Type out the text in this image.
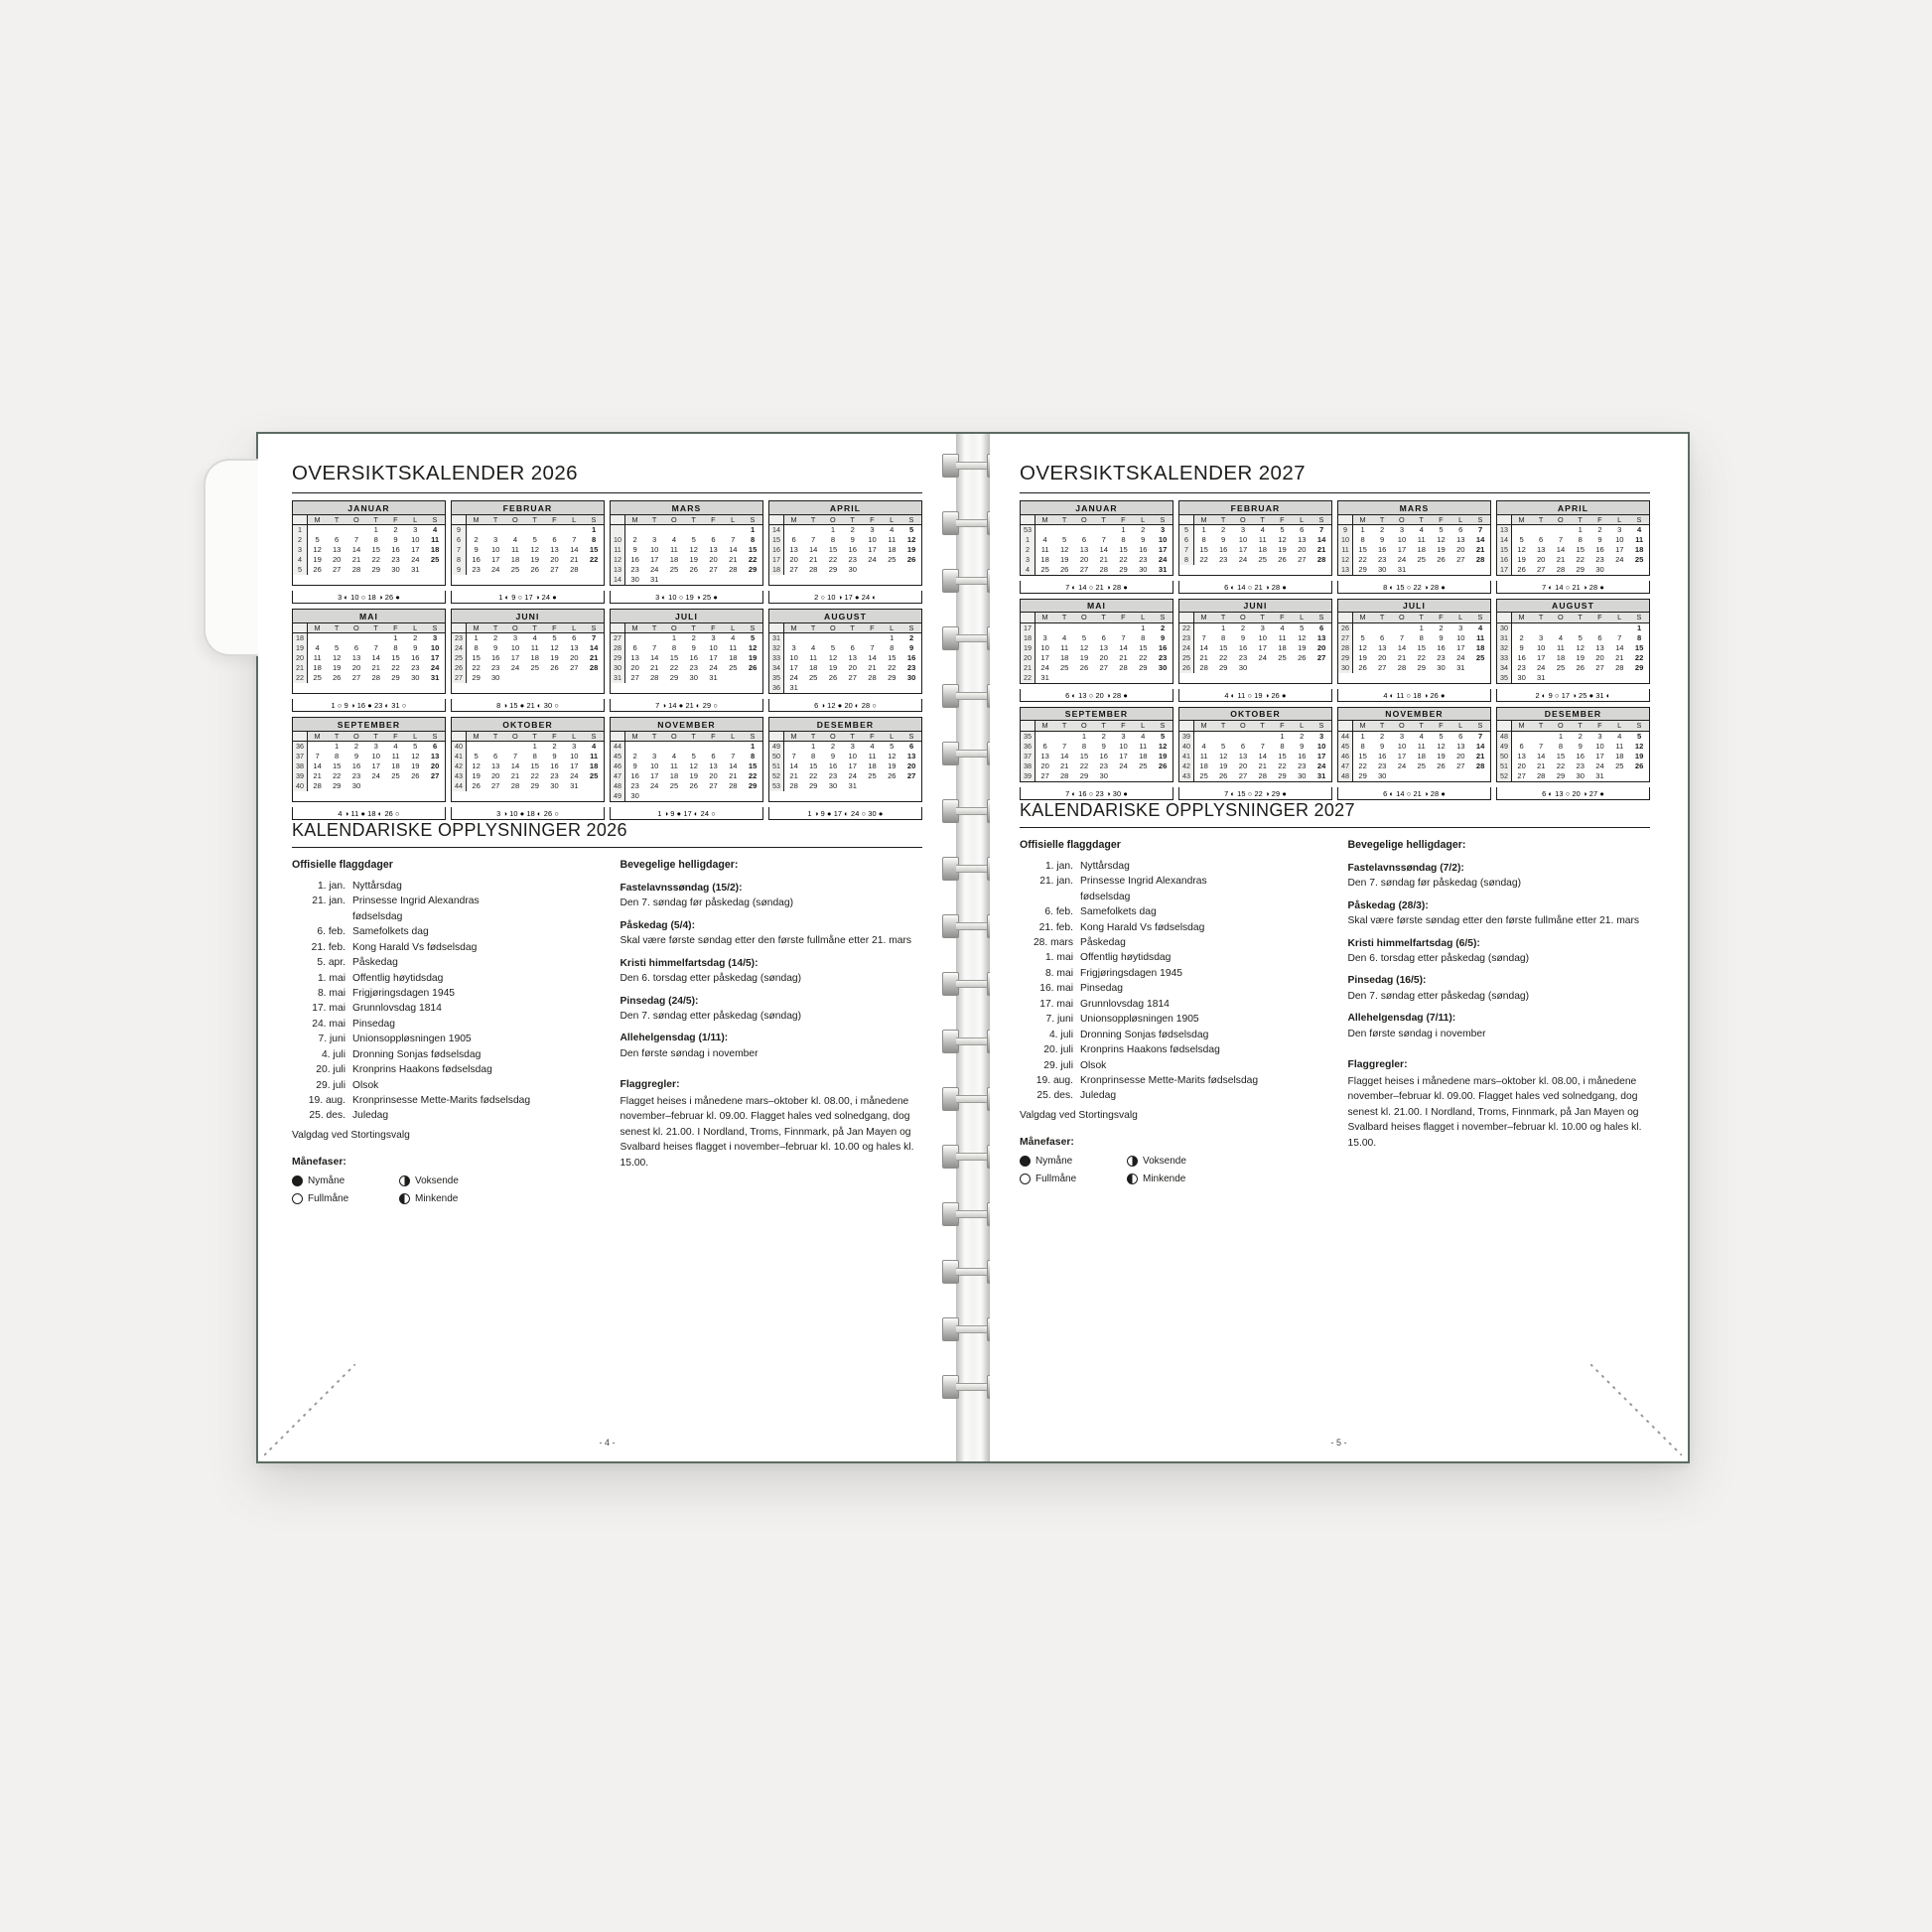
OVERSIKTSKALENDER 2026
JANUAR
	M	T	O	T	F	L	S
1				1	2	3	4
2	5	6	7	8	9	10	11
3	12	13	14	15	16	17	18
4	19	20	21	22	23	24	25
5	26	27	28	29	30	31	
FEBRUAR
	M	T	O	T	F	L	S
9							1
6	2	3	4	5	6	7	8
7	9	10	11	12	13	14	15
8	16	17	18	19	20	21	22
9	23	24	25	26	27	28	
MARS
	M	T	O	T	F	L	S
							1
10	2	3	4	5	6	7	8
11	9	10	11	12	13	14	15
12	16	17	18	19	20	21	22
13	23	24	25	26	27	28	29
14	30	31					
APRIL
	M	T	O	T	F	L	S
14			1	2	3	4	5
15	6	7	8	9	10	11	12
16	13	14	15	16	17	18	19
17	20	21	22	23	24	25	26
18	27	28	29	30			
3 ◐ 10 ○ 18 ◑ 26 ●	1 ◐ 9 ○ 17 ◑ 24 ●	3 ◐ 10 ○ 19 ◑ 25 ●	2 ○ 10 ◑ 17 ● 24 ◐
MAI
	M	T	O	T	F	L	S
18					1	2	3
19	4	5	6	7	8	9	10
20	11	12	13	14	15	16	17
21	18	19	20	21	22	23	24
22	25	26	27	28	29	30	31
JUNI
	M	T	O	T	F	L	S
23	1	2	3	4	5	6	7
24	8	9	10	11	12	13	14
25	15	16	17	18	19	20	21
26	22	23	24	25	26	27	28
27	29	30					
JULI
	M	T	O	T	F	L	S
27			1	2	3	4	5
28	6	7	8	9	10	11	12
29	13	14	15	16	17	18	19
30	20	21	22	23	24	25	26
31	27	28	29	30	31		
AUGUST
	M	T	O	T	F	L	S
31						1	2
32	3	4	5	6	7	8	9
33	10	11	12	13	14	15	16
34	17	18	19	20	21	22	23
35	24	25	26	27	28	29	30
36	31						
1 ○ 9 ◑ 16 ● 23 ◐ 31 ○	8 ◑ 15 ● 21 ◐ 30 ○	7 ◑ 14 ● 21 ◐ 29 ○	6 ◑ 12 ● 20 ◐ 28 ○
SEPTEMBER
	M	T	O	T	F	L	S
36		1	2	3	4	5	6
37	7	8	9	10	11	12	13
38	14	15	16	17	18	19	20
39	21	22	23	24	25	26	27
40	28	29	30				
OKTOBER
	M	T	O	T	F	L	S
40				1	2	3	4
41	5	6	7	8	9	10	11
42	12	13	14	15	16	17	18
43	19	20	21	22	23	24	25
44	26	27	28	29	30	31	
NOVEMBER
	M	T	O	T	F	L	S
44							1
45	2	3	4	5	6	7	8
46	9	10	11	12	13	14	15
47	16	17	18	19	20	21	22
48	23	24	25	26	27	28	29
49	30						
DESEMBER
	M	T	O	T	F	L	S
49		1	2	3	4	5	6
50	7	8	9	10	11	12	13
51	14	15	16	17	18	19	20
52	21	22	23	24	25	26	27
53	28	29	30	31			
4 ◑ 11 ● 18 ◐ 26 ○	3 ◑ 10 ● 18 ◐ 26 ○	1 ◑ 9 ● 17 ◐ 24 ○	1 ◑ 9 ● 17 ◐ 24 ○ 30 ●
KALENDARISKE OPPLYSNINGER 2026
Offisielle flaggdager
1. jan. Nyttårsdag
21. jan. Prinsesse Ingrid Alexandras
fødselsdag
6. feb. Samefolkets dag
21. feb. Kong Harald Vs fødselsdag
5. apr. Påskedag
1. mai Offentlig høytidsdag
8. mai Frigjøringsdagen 1945
17. mai Grunnlovsdag 1814
24. mai Pinsedag
7. juni Unionsoppløsningen 1905
4. juli Dronning Sonjas fødselsdag
20. juli Kronprins Haakons fødselsdag
29. juli Olsok
19. aug. Kronprinsesse Mette-Marits fødselsdag
25. des. Juledag
Valgdag ved Stortingsvalg
Månefaser:
Nymåne	Voksende
Fullmåne	Minkende
Bevegelige helligdager:
Fastelavnssøndag (15/2):
Den 7. søndag før påskedag (søndag)
Påskedag (5/4):
Skal være første søndag etter den første fullmåne etter 21. mars
Kristi himmelfartsdag (14/5):
Den 6. torsdag etter påskedag (søndag)
Pinsedag (24/5):
Den 7. søndag etter påskedag (søndag)
Allehelgensdag (1/11):
Den første søndag i november
Flaggregler:
Flagget heises i månedene mars–oktober kl. 08.00, i månedene november–februar kl. 09.00. Flagget hales ved solnedgang, dog senest kl. 21.00. I Nordland, Troms, Finnmark, på Jan Mayen og Svalbard heises flagget i november–februar kl. 10.00 og hales kl. 15.00.
- 4 -
OVERSIKTSKALENDER 2027
JANUAR
	M	T	O	T	F	L	S
53					1	2	3
1	4	5	6	7	8	9	10
2	11	12	13	14	15	16	17
3	18	19	20	21	22	23	24
4	25	26	27	28	29	30	31
FEBRUAR
	M	T	O	T	F	L	S
5	1	2	3	4	5	6	7
6	8	9	10	11	12	13	14
7	15	16	17	18	19	20	21
8	22	23	24	25	26	27	28
MARS
	M	T	O	T	F	L	S
9	1	2	3	4	5	6	7
10	8	9	10	11	12	13	14
11	15	16	17	18	19	20	21
12	22	23	24	25	26	27	28
13	29	30	31				
APRIL
	M	T	O	T	F	L	S
13				1	2	3	4
14	5	6	7	8	9	10	11
15	12	13	14	15	16	17	18
16	19	20	21	22	23	24	25
17	26	27	28	29	30		
7 ◐ 14 ○ 21 ◑ 28 ●	6 ◐ 14 ○ 21 ◑ 28 ●	8 ◐ 15 ○ 22 ◑ 28 ●	7 ◐ 14 ○ 21 ◑ 28 ●
MAI
	M	T	O	T	F	L	S
17						1	2
18	3	4	5	6	7	8	9
19	10	11	12	13	14	15	16
20	17	18	19	20	21	22	23
21	24	25	26	27	28	29	30
22	31						
JUNI
	M	T	O	T	F	L	S
22		1	2	3	4	5	6
23	7	8	9	10	11	12	13
24	14	15	16	17	18	19	20
25	21	22	23	24	25	26	27
26	28	29	30				
JULI
	M	T	O	T	F	L	S
26				1	2	3	4
27	5	6	7	8	9	10	11
28	12	13	14	15	16	17	18
29	19	20	21	22	23	24	25
30	26	27	28	29	30	31	
AUGUST
	M	T	O	T	F	L	S
30							1
31	2	3	4	5	6	7	8
32	9	10	11	12	13	14	15
33	16	17	18	19	20	21	22
34	23	24	25	26	27	28	29
35	30	31					
6 ◐ 13 ○ 20 ◑ 28 ●	4 ◐ 11 ○ 19 ◑ 26 ●	4 ◐ 11 ○ 18 ◑ 26 ●	2 ◐ 9 ○ 17 ◑ 25 ● 31 ◐
SEPTEMBER
	M	T	O	T	F	L	S
35			1	2	3	4	5
36	6	7	8	9	10	11	12
37	13	14	15	16	17	18	19
38	20	21	22	23	24	25	26
39	27	28	29	30			
OKTOBER
	M	T	O	T	F	L	S
39					1	2	3
40	4	5	6	7	8	9	10
41	11	12	13	14	15	16	17
42	18	19	20	21	22	23	24
43	25	26	27	28	29	30	31
NOVEMBER
	M	T	O	T	F	L	S
44	1	2	3	4	5	6	7
45	8	9	10	11	12	13	14
46	15	16	17	18	19	20	21
47	22	23	24	25	26	27	28
48	29	30					
DESEMBER
	M	T	O	T	F	L	S
48			1	2	3	4	5
49	6	7	8	9	10	11	12
50	13	14	15	16	17	18	19
51	20	21	22	23	24	25	26
52	27	28	29	30	31		
7 ◐ 16 ○ 23 ◑ 30 ●	7 ◐ 15 ○ 22 ◑ 29 ●	6 ◐ 14 ○ 21 ◑ 28 ●	6 ◐ 13 ○ 20 ◑ 27 ●
KALENDARISKE OPPLYSNINGER 2027
Offisielle flaggdager
1. jan. Nyttårsdag
21. jan. Prinsesse Ingrid Alexandras
fødselsdag
6. feb. Samefolkets dag
21. feb. Kong Harald Vs fødselsdag
28. mars Påskedag
1. mai Offentlig høytidsdag
8. mai Frigjøringsdagen 1945
16. mai Pinsedag
17. mai Grunnlovsdag 1814
7. juni Unionsoppløsningen 1905
4. juli Dronning Sonjas fødselsdag
20. juli Kronprins Haakons fødselsdag
29. juli Olsok
19. aug. Kronprinsesse Mette-Marits fødselsdag
25. des. Juledag
Valgdag ved Stortingsvalg
Månefaser:
Nymåne	Voksende
Fullmåne	Minkende
Bevegelige helligdager:
Fastelavnssøndag (7/2):
Den 7. søndag før påskedag (søndag)
Påskedag (28/3):
Skal være første søndag etter den første fullmåne etter 21. mars
Kristi himmelfartsdag (6/5):
Den 6. torsdag etter påskedag (søndag)
Pinsedag (16/5):
Den 7. søndag etter påskedag (søndag)
Allehelgensdag (7/11):
Den første søndag i november
Flaggregler:
Flagget heises i månedene mars–oktober kl. 08.00, i månedene november–februar kl. 09.00. Flagget hales ved solnedgang, dog senest kl. 21.00. I Nordland, Troms, Finnmark, på Jan Mayen og Svalbard heises flagget i november–februar kl. 10.00 og hales kl. 15.00.
- 5 -
